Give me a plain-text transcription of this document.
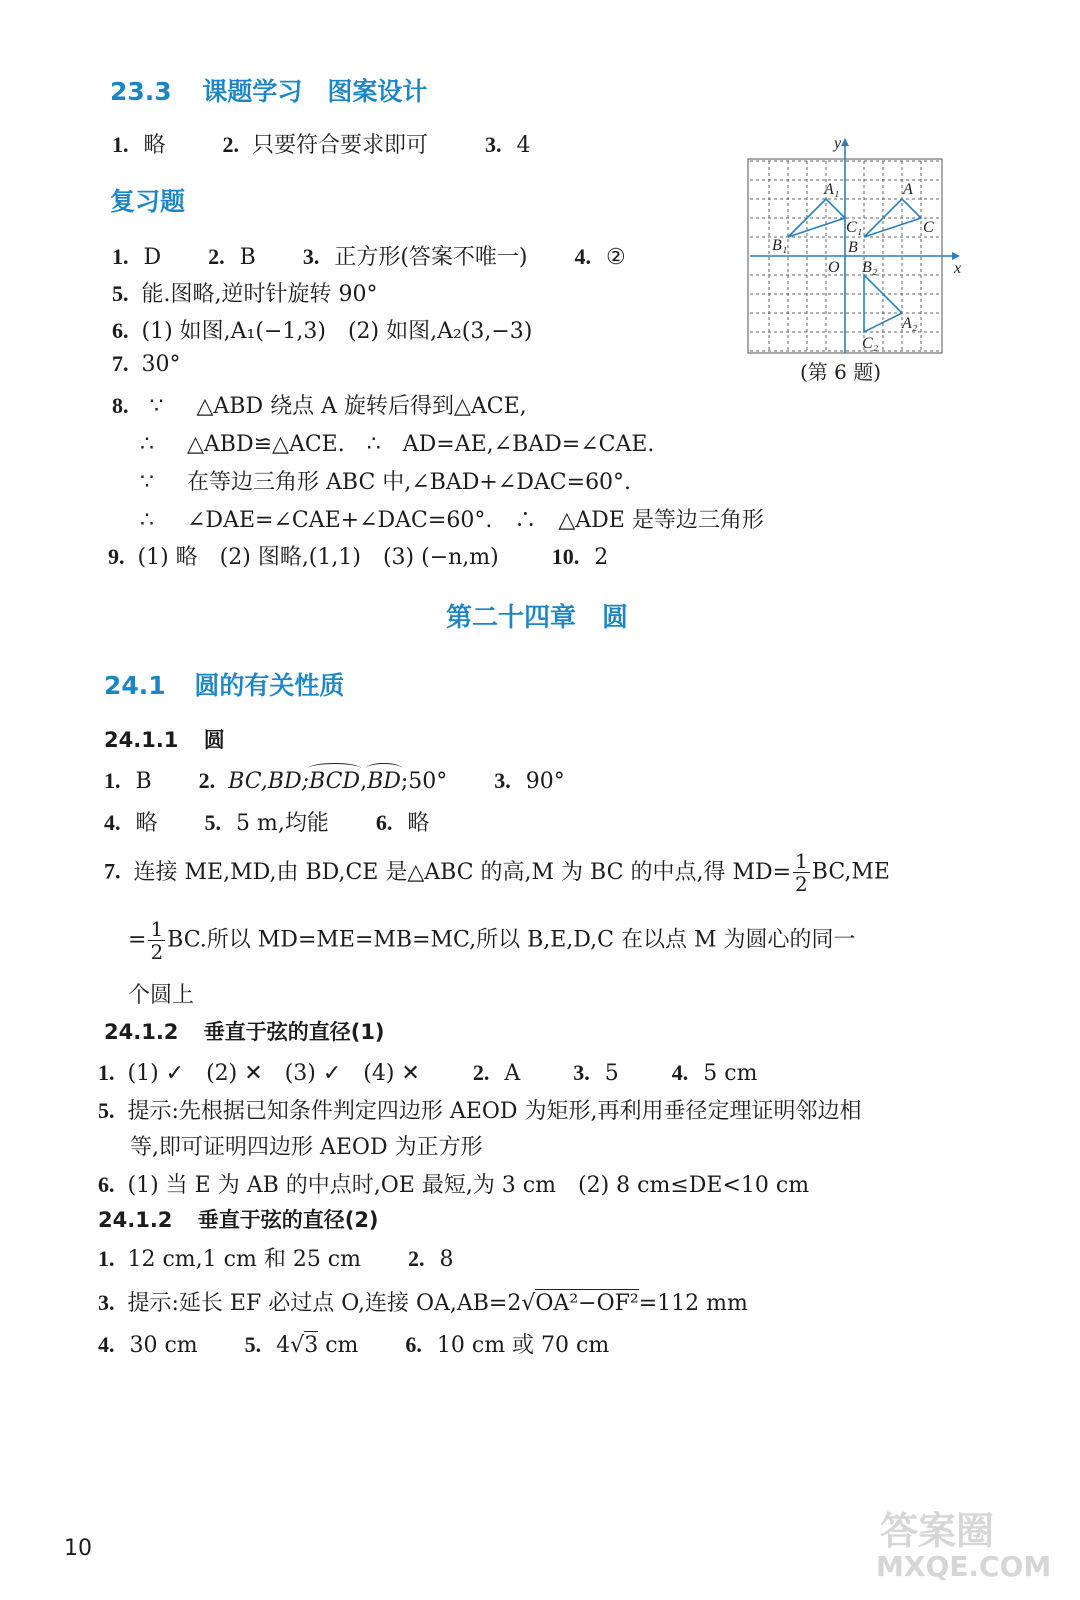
23.3 课题学习　图案设计
1. 略	2. 只要符合要求即可	3. 4
复习题
1. D 2. B 3. 正方形(答案不唯一) 4. ②
5. 能.图略,逆时针旋转 90°
6. (1) 如图,A₁(−1,3)　(2) 如图,A₂(3,−3)
7. 30°
8. ∵ △ABD 绕点 A 旋转后得到△ACE,
∴ △ABD≌△ACE.　∴　AD=AE,∠BAD=∠CAE.
∵ 在等边三角形 ABC 中,∠BAD+∠DAC=60°.
∴ ∠DAE=∠CAE+∠DAC=60°.　∴　△ADE 是等边三角形
9. (1) 略　(2) 图略,(1,1)　(3) (−n,m) 10. 2
y
x
O
A₁	A
C₁	C
B₁	B
B₂
A₂
C₂
(第 6 题)
第二十四章　圆
24.1 圆的有关性质
24.1.1 圆
1. B 2. BC,BD;BCD,BD;50° 3. 90°
4. 略 5. 5 m,均能 6. 略
7. 连接 ME,MD,由 BD,CE 是△ABC 的高,M 为 BC 的中点,得 $MD= \frac{1}{2} BC,ME$
= $\frac{1}{2}$ BC.所以 MD=ME=MB=MC,所以 B,E,D,C 在以点 M 为圆心的同一
个圆上
24.1.2 垂直于弦的直径(1)
1. (1) ✓　(2) ✕　(3) ✓　(4) ✕ 2. A 3. 5 4. 5 cm
5. 提示:先根据已知条件判定四边形 AEOD 为矩形,再利用垂径定理证明邻边相
等,即可证明四边形 AEOD 为正方形
6. (1) 当 E 为 AB 的中点时,OE 最短,为 3 cm　(2) 8 cm≤DE<10 cm
24.1.2 垂直于弦的直径(2)
1. 12 cm,1 cm 和 25 cm 2. 8
3. 提示:延长 EF 必过点 O,连接 OA,AB=2√OA²−OF²=112 mm
4. 30 cm 5. 4√3 cm 6. 10 cm 或 70 cm
10	答案圈
MXQE.COM
